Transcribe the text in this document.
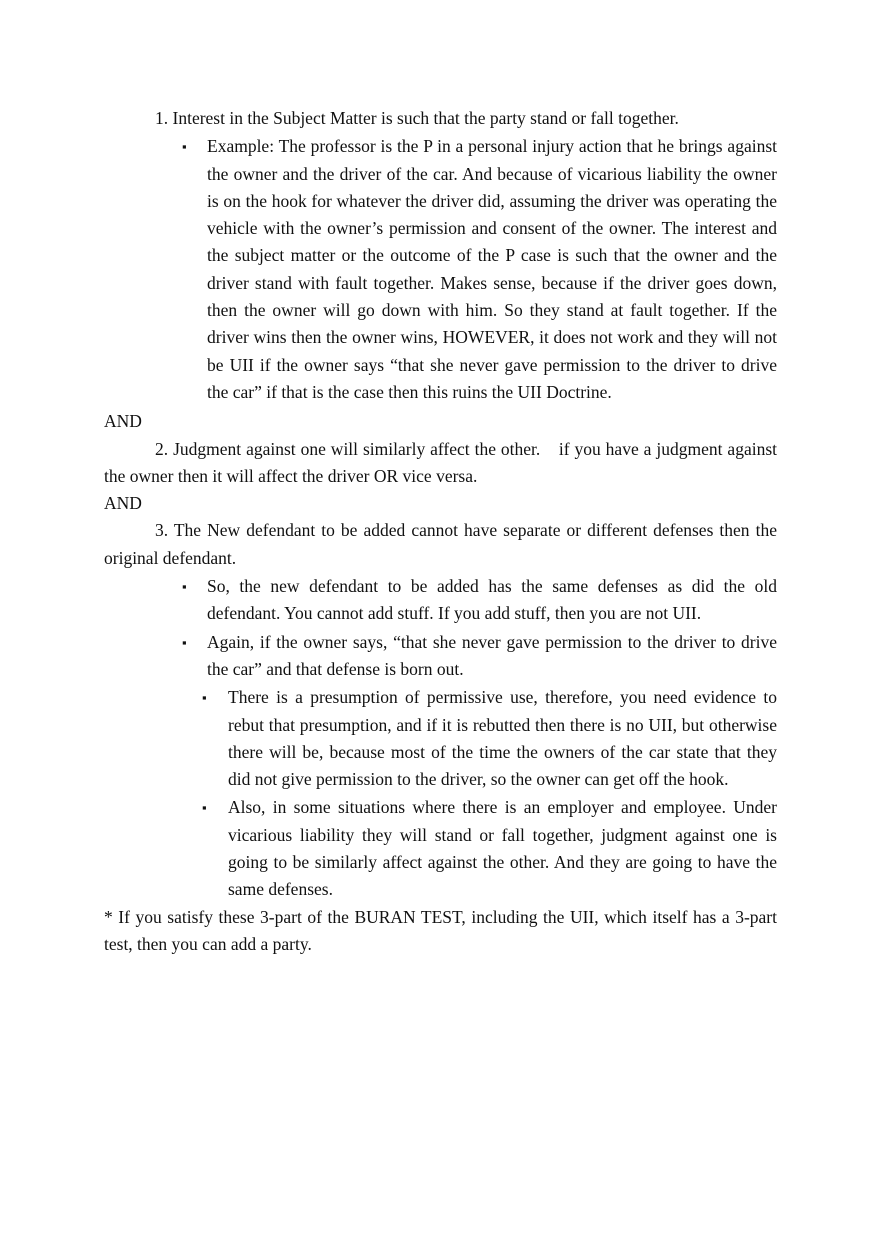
1. Interest in the Subject Matter is such that the party stand or fall together.

▪ Example: The professor is the P in a personal injury action that he brings against the owner and the driver of the car. And because of vicarious liability the owner is on the hook for whatever the driver did, assuming the driver was operating the vehicle with the owner’s permission and consent of the owner. The interest and the subject matter or the outcome of the P case is such that the owner and the driver stand with fault together. Makes sense, because if the driver goes down, then the owner will go down with him. So they stand at fault together. If the driver wins then the owner wins, HOWEVER, it does not work and they will not be UII if the owner says “that she never gave permission to the driver to drive the car” if that is the case then this ruins the UII Doctrine.

AND

2. Judgment against one will similarly affect the other. if you have a judgment against the owner then it will affect the driver OR vice versa.

AND

3. The New defendant to be added cannot have separate or different defenses then the original defendant.

▪ So, the new defendant to be added has the same defenses as did the old defendant. You cannot add stuff. If you add stuff, then you are not UII.
▪ Again, if the owner says, “that she never gave permission to the driver to drive the car” and that defense is born out.
▪ There is a presumption of permissive use, therefore, you need evidence to rebut that presumption, and if it is rebutted then there is no UII, but otherwise there will be, because most of the time the owners of the car state that they did not give permission to the driver, so the owner can get off the hook.
▪ Also, in some situations where there is an employer and employee. Under vicarious liability they will stand or fall together, judgment against one is going to be similarly affect against the other. And they are going to have the same defenses.

* If you satisfy these 3-part of the BURAN TEST, including the UII, which itself has a 3-part test, then you can add a party.
